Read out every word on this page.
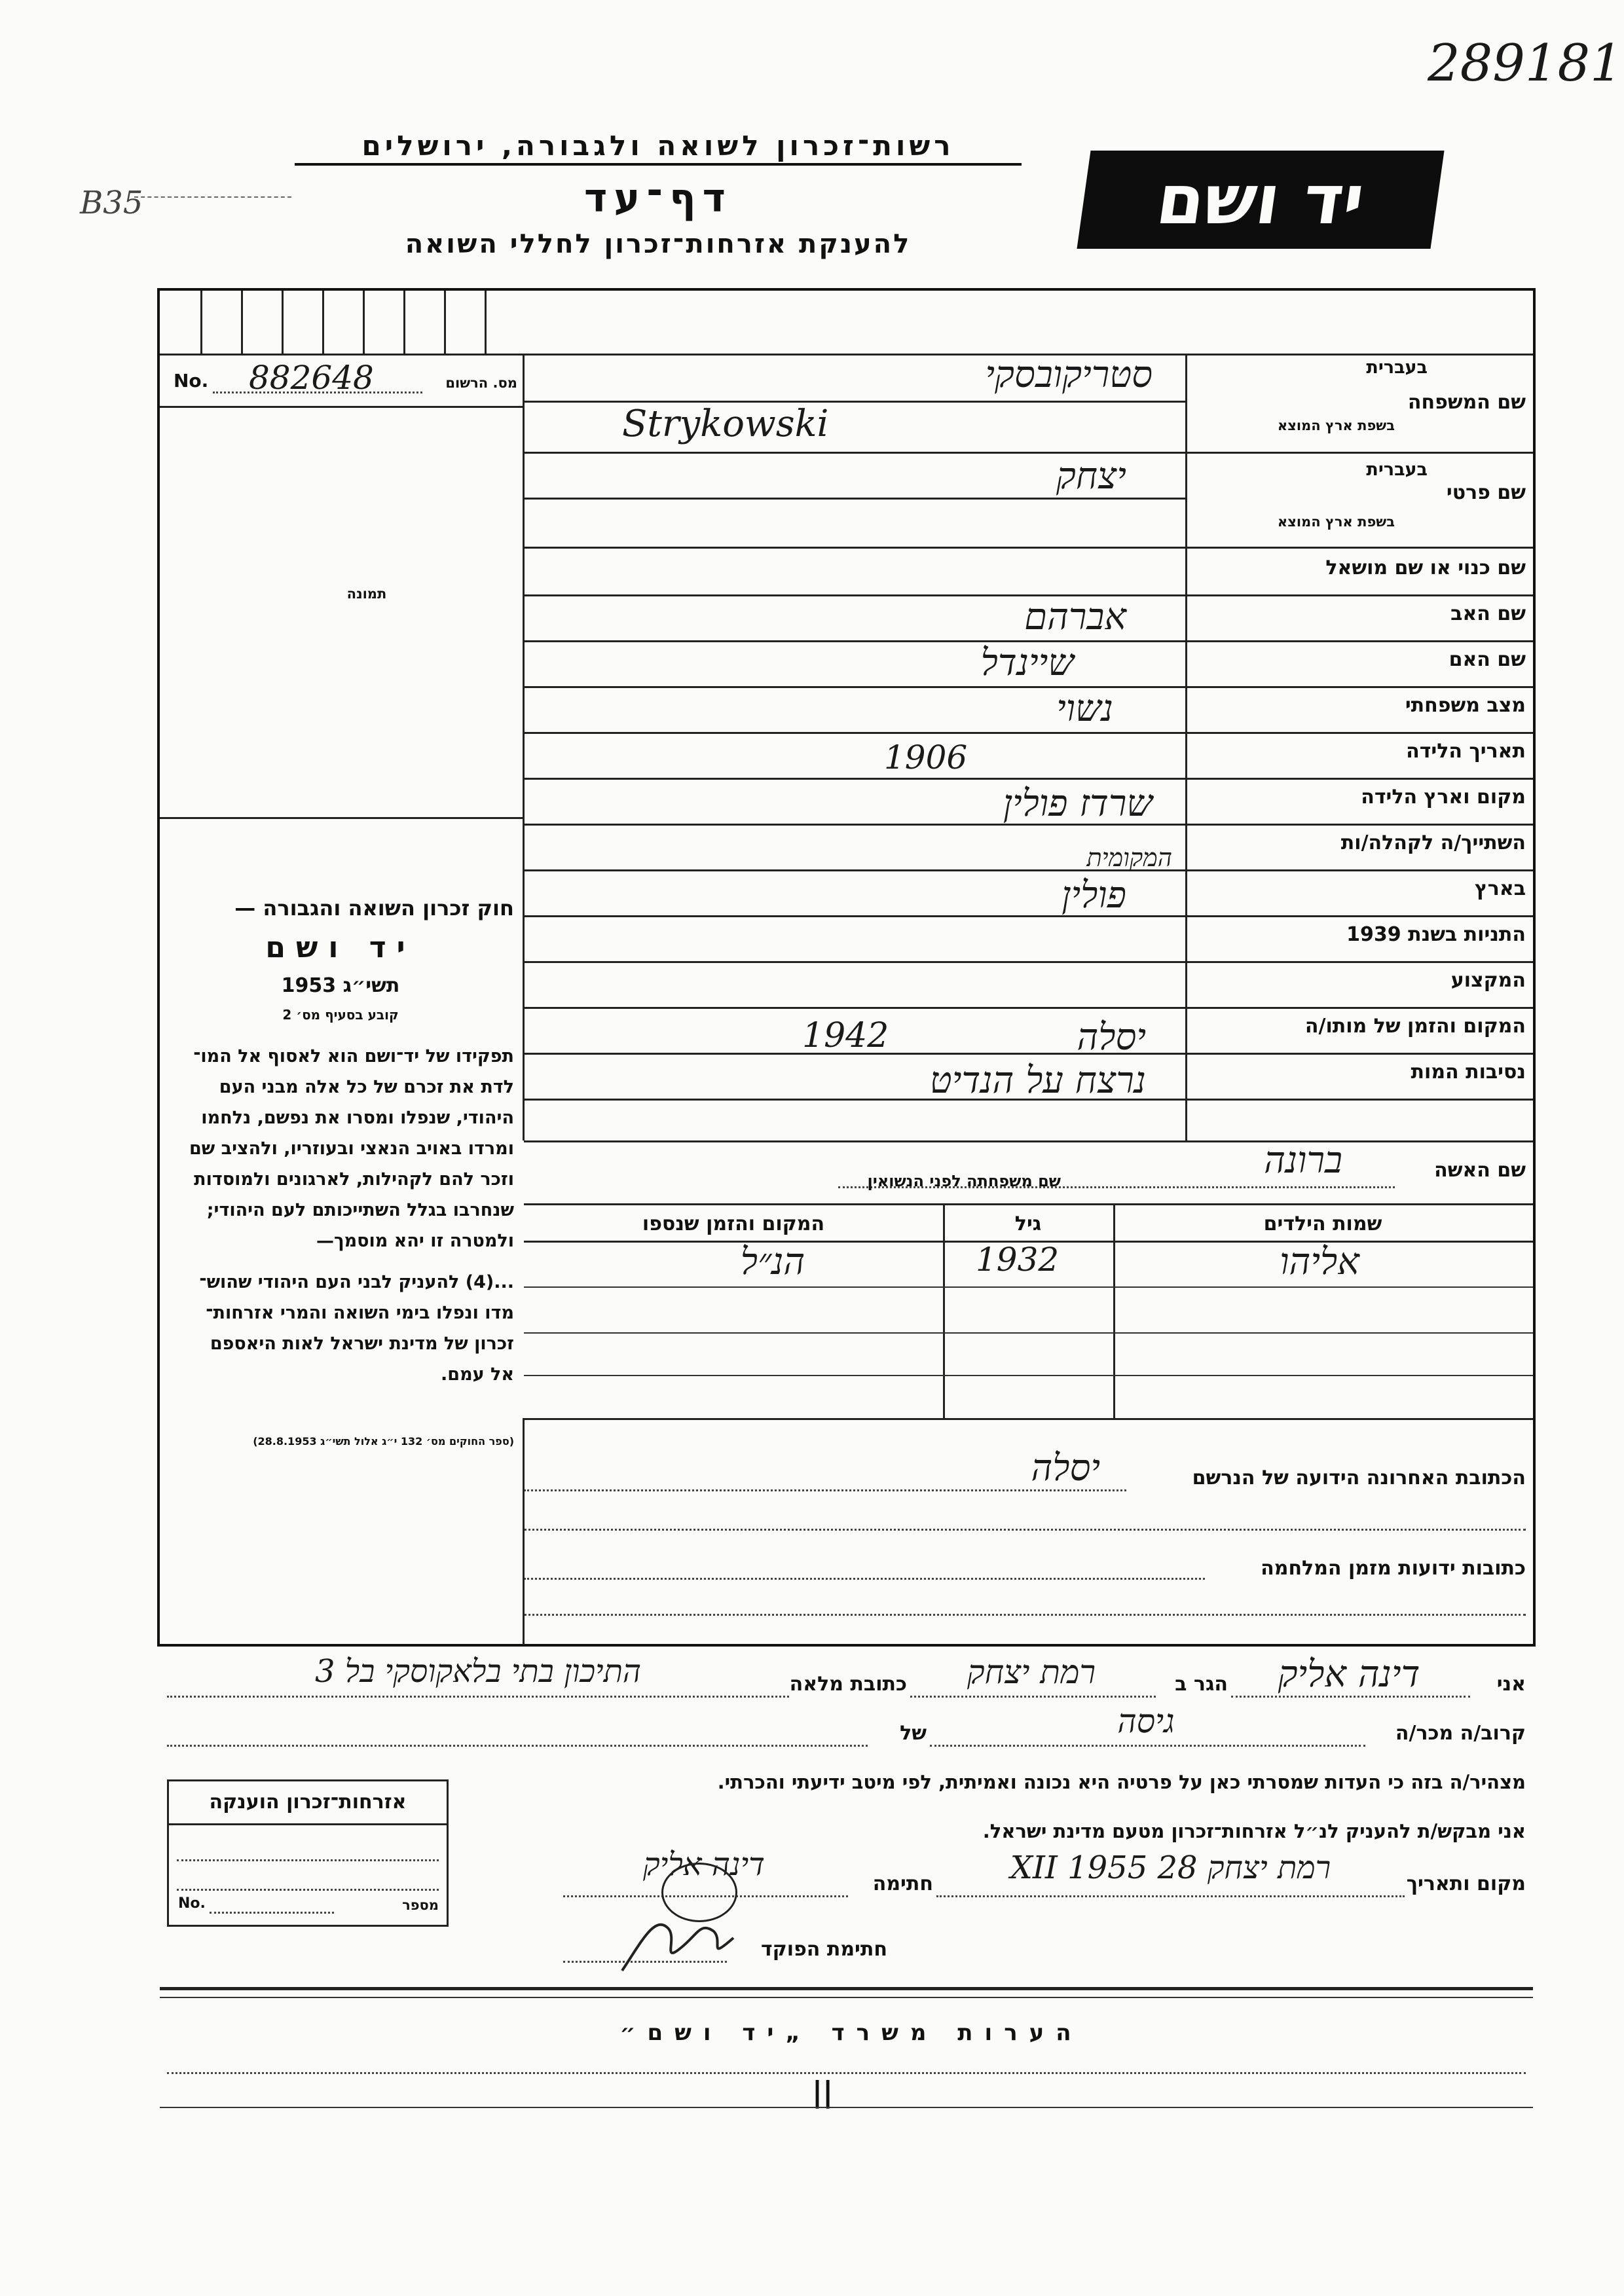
289181
B35
רשות־זכרון לשואה ולגבורה, ירושלים
דף־עד
להענקת אזרחות־זכרון לחללי השואה
יד ושם
No. 882648	מס. הרשום
תמונה
חוק זכרון השואה והגבורה —
יד ושם
תשי״ג 1953
קובע בסעיף מס׳ 2
תפקידו של יד־ושם הוא לאסוף אל המו־
לדת את זכרם של כל אלה מבני העם
היהודי, שנפלו ומסרו את נפשם, נלחמו
ומרדו באויב הנאצי ובעוזריו, ולהציב שם
וזכר להם לקהילות, לארגונים ולמוסדות
שנחרבו בגלל השתייכותם לעם היהודי;
ולמטרה זו יהא מוסמך—
...(4) להעניק לבני העם היהודי שהוש־
מדו ונפלו בימי השואה והמרי אזרחות־
זכרון של מדינת ישראל לאות היאספם
אל עמם.
(ספר החוקים מס׳ 132 י״ג אלול תשי״ג 28.8.1953)
בעברית
שם המשפחה
בשפת ארץ המוצא
בעברית
שם פרטי
בשפת ארץ המוצא
שם כנוי או שם מושאל
שם האב
שם האם
מצב משפחתי
תאריך הלידה
מקום וארץ הלידה
השתייך/ה לקהלה/ות
בארץ
התניות בשנת 1939
המקצוע
המקום והזמן של מותו/ה
נסיבות המות
סטריקובסקי
Strykowski
יצחק
אברהם
שיינדל
נשוי
1906
שרדז פולין
המקומית
פולין
יסלה
1942
נרצח על הנדיט
שם האשה
ברונה
שם משפחתה לפני הנשואין
שמות הילדים
גיל
המקום והזמן שנספו
אליהו
1932
הנ״ל
הכתובת האחרונה הידועה של הנרשם
יסלה
כתובות ידועות מזמן המלחמה
אני
דינה אליק
הגר ב
רמת יצחק
כתובת מלאה
התיכון בתי בלאקוסקי בל 3
קרוב/ה מכר/ה
גיסה
של
מצהיר/ה בזה כי העדות שמסרתי כאן על פרטיה היא נכונה ואמיתית, לפי מיטב ידיעתי והכרתי.
אני מבקש/ת להעניק לנ״ל אזרחות־זכרון מטעם מדינת ישראל.
מקום ותאריך
רמת יצחק 28 XII 1955
חתימה
דינה אליק
חתימת הפוקד
אזרחות־זכרון הוענקה
No.	מספר
הערות משרד „יד ושם״
||
